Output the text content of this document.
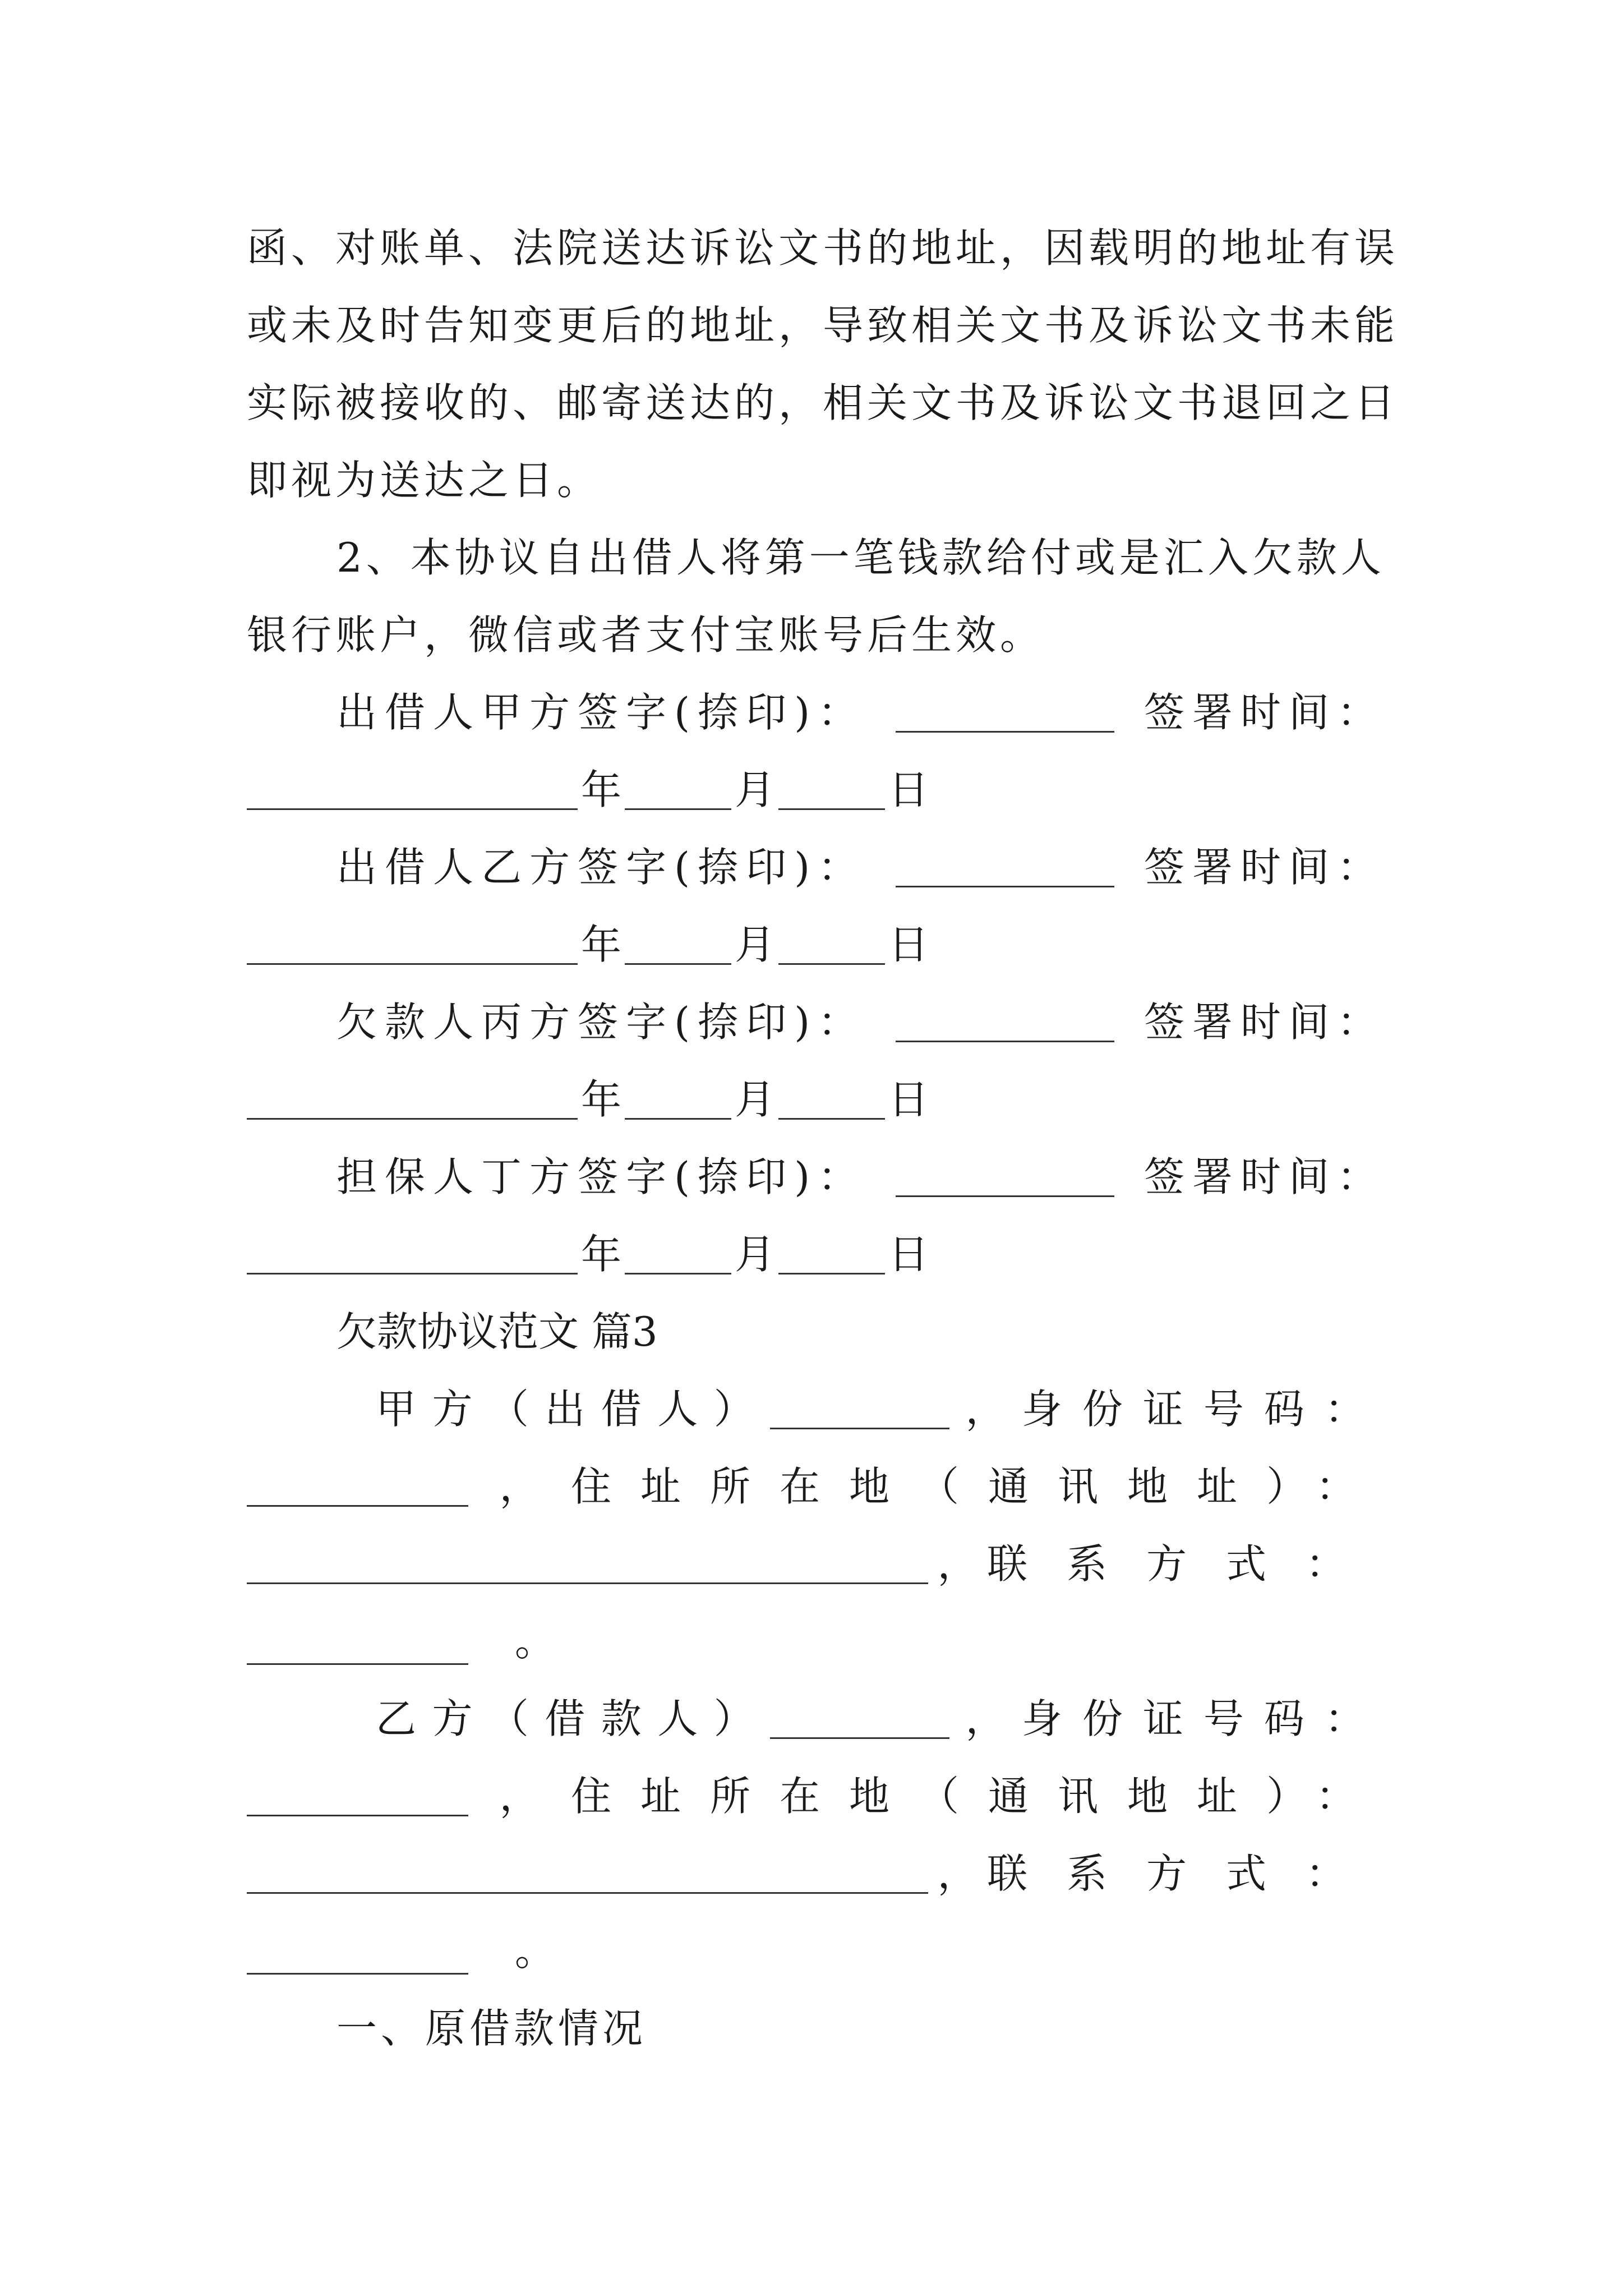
函、对账单、法院送达诉讼文书的地址，因载明的地址有误
或未及时告知变更后的地址，导致相关文书及诉讼文书未能
实际被接收的、邮寄送达的，相关文书及诉讼文书退回之日
即视为送达之日。
2、本协议自出借人将第一笔钱款给付或是汇入欠款人
银行账户，微信或者支付宝账号后生效。
出借人甲方签字(捺印)：	签署时间：
年	月	日
出借人乙方签字(捺印)：	签署时间：
年	月	日
欠款人丙方签字(捺印)：	签署时间：
年	月	日
担保人丁方签字(捺印)：	签署时间：
年	月	日
欠款协议范文 篇3
甲 方 （ 出 借 人 ）	， 身份证号码：
， 住址所在地（通讯地址）：
， 联系方式：
。
乙 方 （ 借 款 人 ）	， 身份证号码：
， 住址所在地（通讯地址）：
， 联系方式：
。
一、原借款情况
